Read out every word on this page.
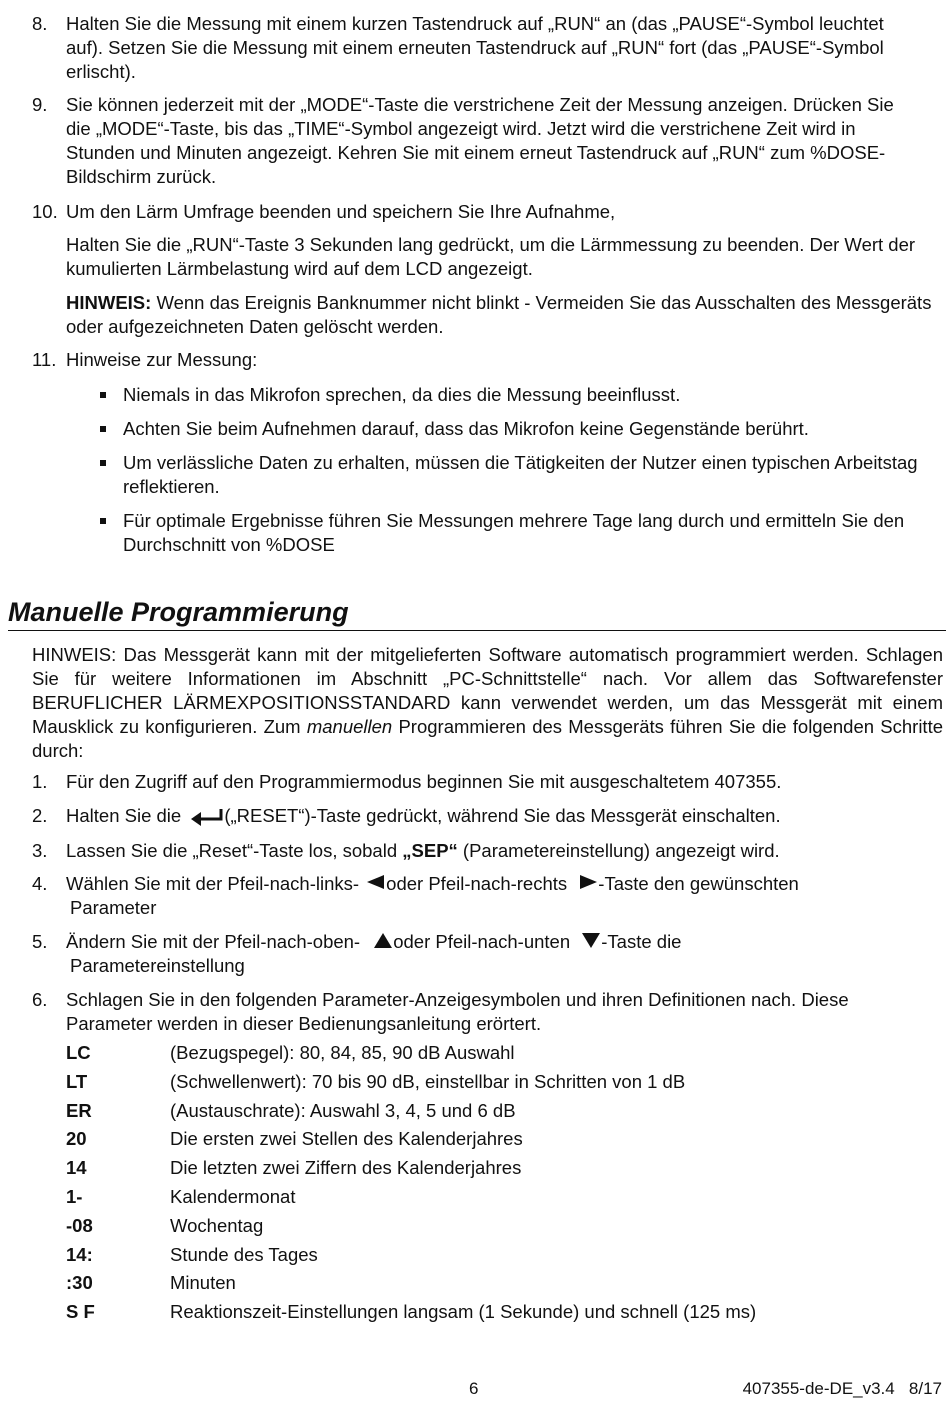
8.	Halten Sie die Messung mit einem kurzen Tastendruck auf „RUN“ an (das „PAUSE“-Symbol leuchtet auf). Setzen Sie die Messung mit einem erneuten Tastendruck auf „RUN“ fort (das „PAUSE“-Symbol erlischt).
9.	Sie können jederzeit mit der „MODE“-Taste die verstrichene Zeit der Messung anzeigen. Drücken Sie die „MODE“-Taste, bis das „TIME“-Symbol angezeigt wird. Jetzt wird die verstrichene Zeit wird in Stunden und Minuten angezeigt. Kehren Sie mit einem erneut Tastendruck auf „RUN“ zum %DOSE-Bildschirm zurück.
10. Um den Lärm Umfrage beenden und speichern Sie Ihre Aufnahme,
Halten Sie die „RUN“-Taste 3 Sekunden lang gedrückt, um die Lärmmessung zu beenden. Der Wert der kumulierten Lärmbelastung wird auf dem LCD angezeigt.
HINWEIS: Wenn das Ereignis Banknummer nicht blinkt - Vermeiden Sie das Ausschalten des Messgeräts oder aufgezeichneten Daten gelöscht werden.
11. Hinweise zur Messung:
Niemals in das Mikrofon sprechen, da dies die Messung beeinflusst.
Achten Sie beim Aufnehmen darauf, dass das Mikrofon keine Gegenstände berührt.
Um verlässliche Daten zu erhalten, müssen die Tätigkeiten der Nutzer einen typischen Arbeitstag reflektieren.
Für optimale Ergebnisse führen Sie Messungen mehrere Tage lang durch und ermitteln Sie den Durchschnitt von %DOSE
Manuelle Programmierung
HINWEIS: Das Messgerät kann mit der mitgelieferten Software automatisch programmiert werden. Schlagen Sie für weitere Informationen im Abschnitt „PC-Schnittstelle“ nach. Vor allem das Softwarefenster BERUFLICHER LÄRMEXPOSITIONSSTANDARD kann verwendet werden, um das Messgerät mit einem Mausklick zu konfigurieren. Zum manuellen Programmieren des Messgeräts führen Sie die folgenden Schritte durch:
1.	Für den Zugriff auf den Programmiermodus beginnen Sie mit ausgeschaltetem 407355.
2.	Halten Sie die („RESET“)-Taste gedrückt, während Sie das Messgerät einschalten.
3.	Lassen Sie die „Reset“-Taste los, sobald „SEP“ (Parametereinstellung) angezeigt wird.
4.	Wählen Sie mit der Pfeil-nach-links- oder Pfeil-nach-rechts -Taste den gewünschten
Parameter
5.	Ändern Sie mit der Pfeil-nach-oben- oder Pfeil-nach-unten -Taste die
Parametereinstellung
6.	Schlagen Sie in den folgenden Parameter-Anzeigesymbolen und ihren Definitionen nach. Diese Parameter werden in dieser Bedienungsanleitung erörtert.
LC	(Bezugspegel): 80, 84, 85, 90 dB Auswahl
LT	(Schwellenwert): 70 bis 90 dB, einstellbar in Schritten von 1 dB
ER	(Austauschrate): Auswahl 3, 4, 5 und 6 dB
20	Die ersten zwei Stellen des Kalenderjahres
14	Die letzten zwei Ziffern des Kalenderjahres
1-	Kalendermonat
-08	Wochentag
14:	Stunde des Tages
:30	Minuten
S F	Reaktionszeit-Einstellungen langsam (1 Sekunde) und schnell (125 ms)
6	407355-de-DE_v3.4   8/17
